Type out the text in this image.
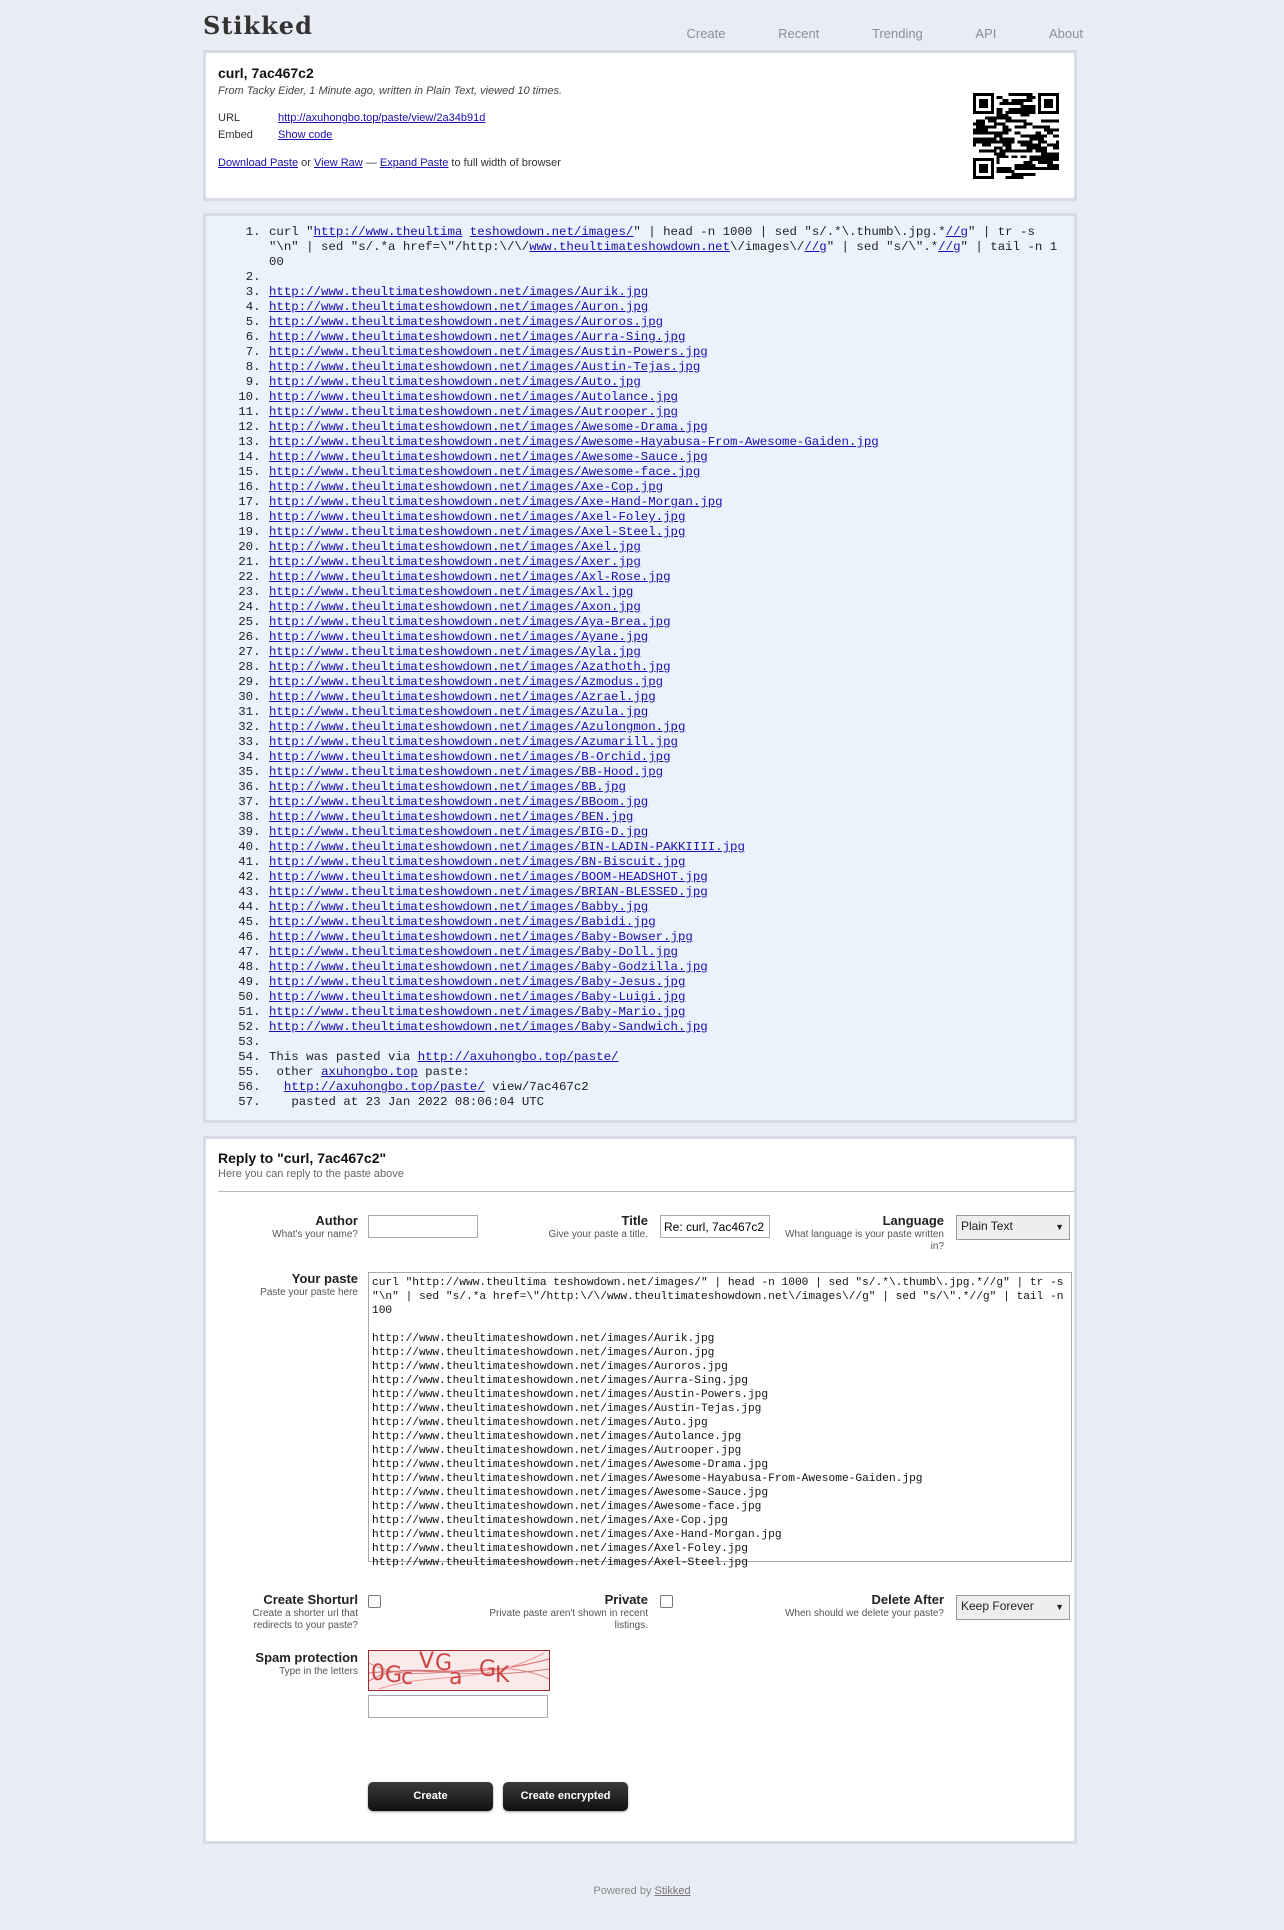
Stikked	Create	Recent	Trending	API	About
curl, 7ac467c2
From Tacky Eider, 1 Minute ago, written in Plain Text, viewed 10 times.
URL	http://axuhongbo.top/paste/view/2a34b91d
Embed Show code
Download Paste or View Raw — Expand Paste to full width of browser
1. curl "http://www.theultima teshowdown.net/images/" | head -n 1000 | sed "s/.*\.thumb\.jpg.*//g" | tr -s "\n" | sed "s/.*a href=\"/http:\/\/www.theultimateshowdown.net\/images\///g" | sed "s/\".*//g" | tail -n 100
2.
3. http://www.theultimateshowdown.net/images/Aurik.jpg
4. http://www.theultimateshowdown.net/images/Auron.jpg
5. http://www.theultimateshowdown.net/images/Auroros.jpg
6. http://www.theultimateshowdown.net/images/Aurra-Sing.jpg
7. http://www.theultimateshowdown.net/images/Austin-Powers.jpg
8. http://www.theultimateshowdown.net/images/Austin-Tejas.jpg
9. http://www.theultimateshowdown.net/images/Auto.jpg
10. http://www.theultimateshowdown.net/images/Autolance.jpg
11. http://www.theultimateshowdown.net/images/Autrooper.jpg
12. http://www.theultimateshowdown.net/images/Awesome-Drama.jpg
13. http://www.theultimateshowdown.net/images/Awesome-Hayabusa-From-Awesome-Gaiden.jpg
14. http://www.theultimateshowdown.net/images/Awesome-Sauce.jpg
15. http://www.theultimateshowdown.net/images/Awesome-face.jpg
16. http://www.theultimateshowdown.net/images/Axe-Cop.jpg
17. http://www.theultimateshowdown.net/images/Axe-Hand-Morgan.jpg
18. http://www.theultimateshowdown.net/images/Axel-Foley.jpg
19. http://www.theultimateshowdown.net/images/Axel-Steel.jpg
20. http://www.theultimateshowdown.net/images/Axel.jpg
21. http://www.theultimateshowdown.net/images/Axer.jpg
22. http://www.theultimateshowdown.net/images/Axl-Rose.jpg
23. http://www.theultimateshowdown.net/images/Axl.jpg
24. http://www.theultimateshowdown.net/images/Axon.jpg
25. http://www.theultimateshowdown.net/images/Aya-Brea.jpg
26. http://www.theultimateshowdown.net/images/Ayane.jpg
27. http://www.theultimateshowdown.net/images/Ayla.jpg
28. http://www.theultimateshowdown.net/images/Azathoth.jpg
29. http://www.theultimateshowdown.net/images/Azmodus.jpg
30. http://www.theultimateshowdown.net/images/Azrael.jpg
31. http://www.theultimateshowdown.net/images/Azula.jpg
32. http://www.theultimateshowdown.net/images/Azulongmon.jpg
33. http://www.theultimateshowdown.net/images/Azumarill.jpg
34. http://www.theultimateshowdown.net/images/B-Orchid.jpg
35. http://www.theultimateshowdown.net/images/BB-Hood.jpg
36. http://www.theultimateshowdown.net/images/BB.jpg
37. http://www.theultimateshowdown.net/images/BBoom.jpg
38. http://www.theultimateshowdown.net/images/BEN.jpg
39. http://www.theultimateshowdown.net/images/BIG-D.jpg
40. http://www.theultimateshowdown.net/images/BIN-LADIN-PAKKIIII.jpg
41. http://www.theultimateshowdown.net/images/BN-Biscuit.jpg
42. http://www.theultimateshowdown.net/images/BOOM-HEADSHOT.jpg
43. http://www.theultimateshowdown.net/images/BRIAN-BLESSED.jpg
44. http://www.theultimateshowdown.net/images/Babby.jpg
45. http://www.theultimateshowdown.net/images/Babidi.jpg
46. http://www.theultimateshowdown.net/images/Baby-Bowser.jpg
47. http://www.theultimateshowdown.net/images/Baby-Doll.jpg
48. http://www.theultimateshowdown.net/images/Baby-Godzilla.jpg
49. http://www.theultimateshowdown.net/images/Baby-Jesus.jpg
50. http://www.theultimateshowdown.net/images/Baby-Luigi.jpg
51. http://www.theultimateshowdown.net/images/Baby-Mario.jpg
52. http://www.theultimateshowdown.net/images/Baby-Sandwich.jpg
53.
54. This was pasted via http://axuhongbo.top/paste/
55.  other axuhongbo.top paste:
56. http://axuhongbo.top/paste/ view/7ac467c2
57.    pasted at 23 Jan 2022 08:06:04 UTC
Reply to "curl, 7ac467c2"
Here you can reply to the paste above
Author
What's your name?
Title
Give your paste a title.
Re: curl, 7ac467c2
Language
What language is your paste written in?
Plain Text	▼
Your paste
Paste your paste here
curl "http://www.theultima teshowdown.net/images/" | head -n 1000 | sed "s/.*\.thumb\.jpg.*//g" | tr -s "\n" | sed "s/.*a href=\"/http:\/\/www.theultimateshowdown.net\/images\//g" | sed "s/\".*//g" | tail -n 100

http://www.theultimateshowdown.net/images/Aurik.jpg
http://www.theultimateshowdown.net/images/Auron.jpg
http://www.theultimateshowdown.net/images/Auroros.jpg
http://www.theultimateshowdown.net/images/Aurra-Sing.jpg
http://www.theultimateshowdown.net/images/Austin-Powers.jpg
http://www.theultimateshowdown.net/images/Austin-Tejas.jpg
http://www.theultimateshowdown.net/images/Auto.jpg
http://www.theultimateshowdown.net/images/Autolance.jpg
http://www.theultimateshowdown.net/images/Autrooper.jpg
http://www.theultimateshowdown.net/images/Awesome-Drama.jpg
http://www.theultimateshowdown.net/images/Awesome-Hayabusa-From-Awesome-Gaiden.jpg
http://www.theultimateshowdown.net/images/Awesome-Sauce.jpg
http://www.theultimateshowdown.net/images/Awesome-face.jpg
http://www.theultimateshowdown.net/images/Axe-Cop.jpg
http://www.theultimateshowdown.net/images/Axe-Hand-Morgan.jpg
http://www.theultimateshowdown.net/images/Axel-Foley.jpg
http://www.theultimateshowdown.net/images/Axel-Steel.jpg
Create Shorturl
Create a shorter url that redirects to your paste?
Private
Private paste aren't shown in recent listings.
Delete After
When should we delete your paste?
Keep Forever ▼
Spam protection
Type in the letters 0 G
c
V G
a G
K
Create	Create encrypted
Powered by Stikked
